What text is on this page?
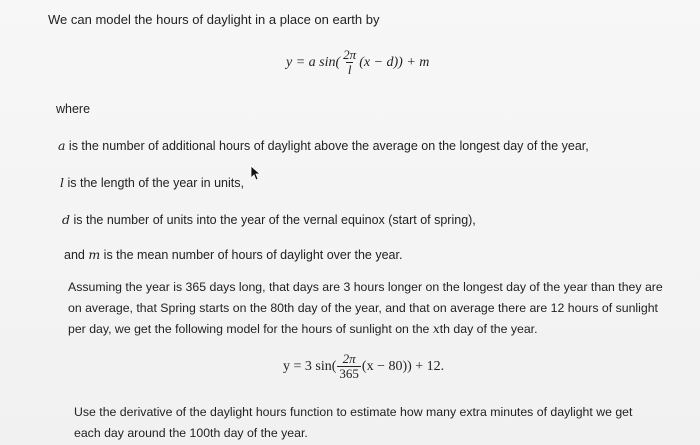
We can model the hours of daylight in a place on earth by
y = a $\sin( \frac{2\pi}{l} (x - d)) + m$
where
a is the number of additional hours of daylight above the average on the longest day of the year,
l is the length of the year in units,
d is the number of units into the year of the vernal equinox (start of spring),
and m is the mean number of hours of daylight over the year.
Assuming the year is 365 days long, that days are 3 hours longer on the longest day of the year than they are on average, that Spring starts on the 80th day of the year, and that on average there are 12 hours of sunlight per day, we get the following model for the hours of sunlight on the xth day of the year.
y = 3 $\sin( \frac{2\pi}{365} (x - 80)) + 12$.
Use the derivative of the daylight hours function to estimate how many extra minutes of daylight we get each day around the 100th day of the year.
